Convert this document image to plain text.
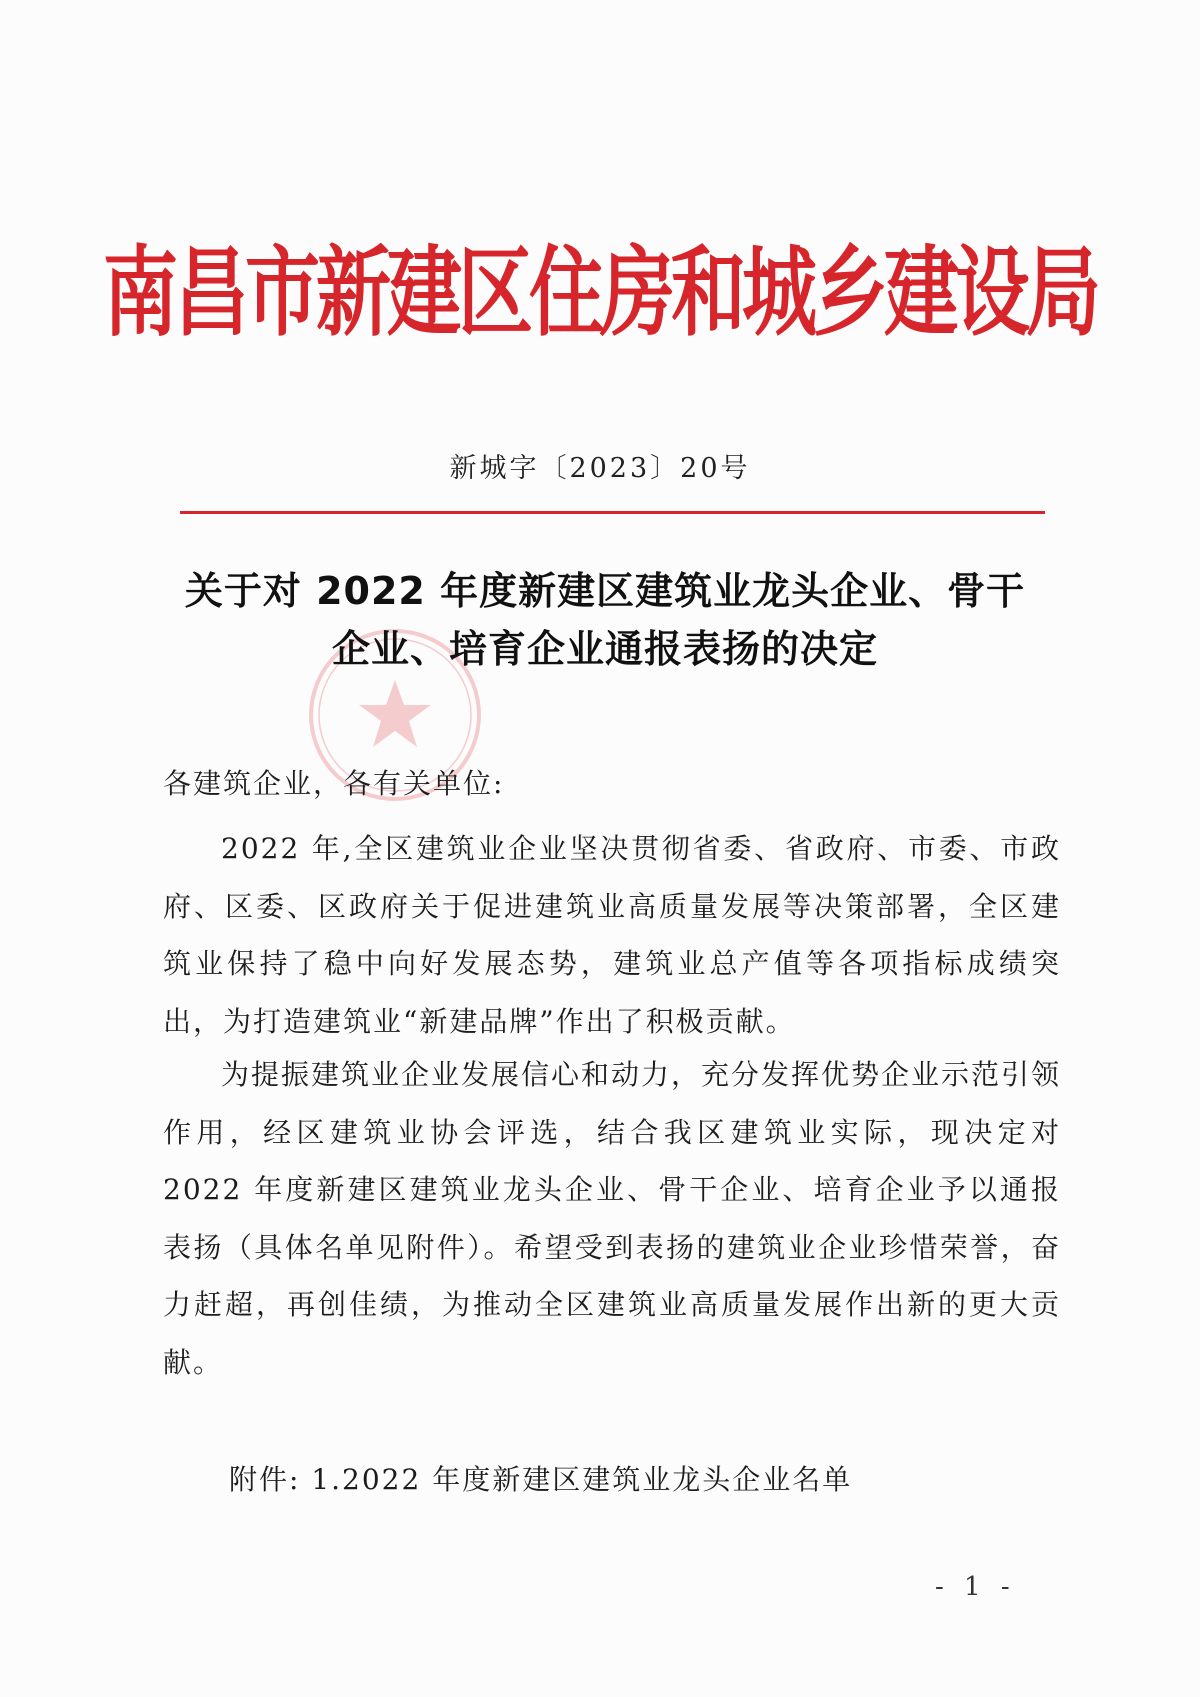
南昌市新建区住房和城乡建设局
新城字〔2023〕20号
关于对 2022 年度新建区建筑业龙头企业、骨干
企业、培育企业通报表扬的决定
各建筑企业，各有关单位:
2022 年,全区建筑业企业坚决贯彻省委、省政府、市委、市政府、区委、区政府关于促进建筑业高质量发展等决策部署，全区建筑业保持了稳中向好发展态势，建筑业总产值等各项指标成绩突出，为打造建筑业“新建品牌”作出了积极贡献。
为提振建筑业企业发展信心和动力，充分发挥优势企业示范引领作用，经区建筑业协会评选，结合我区建筑业实际，现决定对 2022 年度新建区建筑业龙头企业、骨干企业、培育企业予以通报表扬（具体名单见附件）。希望受到表扬的建筑业企业珍惜荣誉，奋力赶超，再创佳绩，为推动全区建筑业高质量发展作出新的更大贡献。
附件: 1.2022 年度新建区建筑业龙头企业名单
- 1 -
